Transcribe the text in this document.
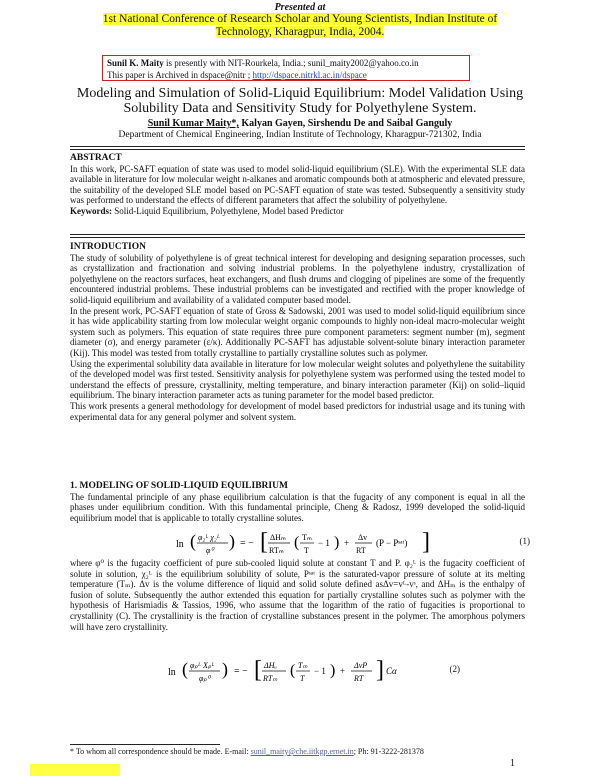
Presented at
1st National Conference of Research Scholar and Young Scientists, Indian Institute of Technology, Kharagpur, India, 2004.
Sunil K. Maity is presently with NIT-Rourkela, India.; sunil_maity2002@yahoo.co.in
This paper is Archived in dspace@nitr ; http://dspace.nitrkl.ac.in/dspace
Modeling and Simulation of Solid-Liquid Equilibrium: Model Validation Using Solubility Data and Sensitivity Study for Polyethylene System.
Sunil Kumar Maity*, Kalyan Gayen, Sirshendu De and Saibal Ganguly
Department of Chemical Engineering, Indian Institute of Technology, Kharagpur-721302, India
ABSTRACT
In this work, PC-SAFT equation of state was used to model solid-liquid equilibrium (SLE). With the experimental SLE data available in literature for low molecular weight n-alkanes and aromatic compounds both at atmospheric and elevated pressure, the suitability of the developed SLE model based on PC-SAFT equation of state was tested. Subsequently a sensitivity study was performed to understand the effects of different parameters that affect the solubility of polyethylene.
Keywords: Solid-Liquid Equilibrium, Polyethylene, Model based Predictor
INTRODUCTION
The study of solubility of polyethylene is of great technical interest for developing and designing separation processes, such as crystallization and fractionation and solving industrial problems. In the polyethylene industry, crystallization of polyethylene on the reactors surfaces, heat exchangers, and flush drums and clogging of pipelines are some of the frequently encountered industrial problems. These industrial problems can be investigated and rectified with the proper knowledge of solid-liquid equilibrium and availability of a validated computer based model.
In the present work, PC-SAFT equation of state of Gross & Sadowski, 2001 was used to model solid-liquid equilibrium since it has wide applicability starting from low molecular weight organic compounds to highly non-ideal macro-molecular weight system such as polymers. This equation of state requires three pure component parameters: segment number (m), segment diameter (σ), and energy parameter (ε/κ). Additionally PC-SAFT has adjustable solvent-solute binary interaction parameter (Kij). This model was tested from totally crystalline to partially crystalline solutes such as polymer.
Using the experimental solubility data available in literature for low molecular weight solutes and polyethylene the suitability of the developed model was first tested. Sensitivity analysis for polyethylene system was performed using the tested model to understand the effects of pressure, crystallinity, melting temperature, and binary interaction parameter (Kij) on solid–liquid equilibrium. The binary interaction parameter acts as tuning parameter for the model based predictor.
This work presents a general methodology for development of model based predictors for industrial usage and its tuning with experimental data for any general polymer and solvent system.
1. MODELING OF SOLID-LIQUID EQUILIBRIUM
The fundamental principle of any phase equilibrium calculation is that the fugacity of any component is equal in all the phases under equilibrium condition. With this fundamental principle, Cheng & Radosz, 1999 developed the solid-liquid equilibrium model that is applicable to totally crystalline solutes.
ln ( φ₂ᴸ χ₂ᴸ
φ⁰ ) = − [ ΔHₘ
RTₘ ( Tₘ
T
− 1 ) +
Δv
RT
(P − Pˢᵃᵗ) ]	(1)
where φ⁰ is the fugacity coefficient of pure sub-cooled liquid solute at constant T and P. φ₂ᴸ is the fugacity coefficient of solute in solution, χ₂ᴸ is the equilibrium solubility of solute, Pˢᵃᵗ is the saturated-vapor pressure of solute at its melting temperature (Tₘ). Δv is the volume difference of liquid and solid solute defined asΔv=vᴸ-vˢ, and ΔHₘ is the enthalpy of fusion of solute. Subsequently the author extended this equation for partially crystalline solutes such as polymer with the hypothesis of Harismiadis & Tassios, 1996, who assume that the logarithm of the ratio of fugacities is proportional to crystallinity (C). The crystallinity is the fraction of crystalline substances present in the polymer. The amorphous polymers will have zero crystallinity.
ln ( φₚᴸ Xₚᴸ
φₚ⁰ ) = − [ ΔHᵤ
RTₘ ( Tₘ
T
− 1 ) +
ΔvP
RT ] Cα	(2)
* To whom all correspondence should be made. E-mail: sunil_maity@che.iitkgp.ernet.in; Ph: 91-3222-281378
1
